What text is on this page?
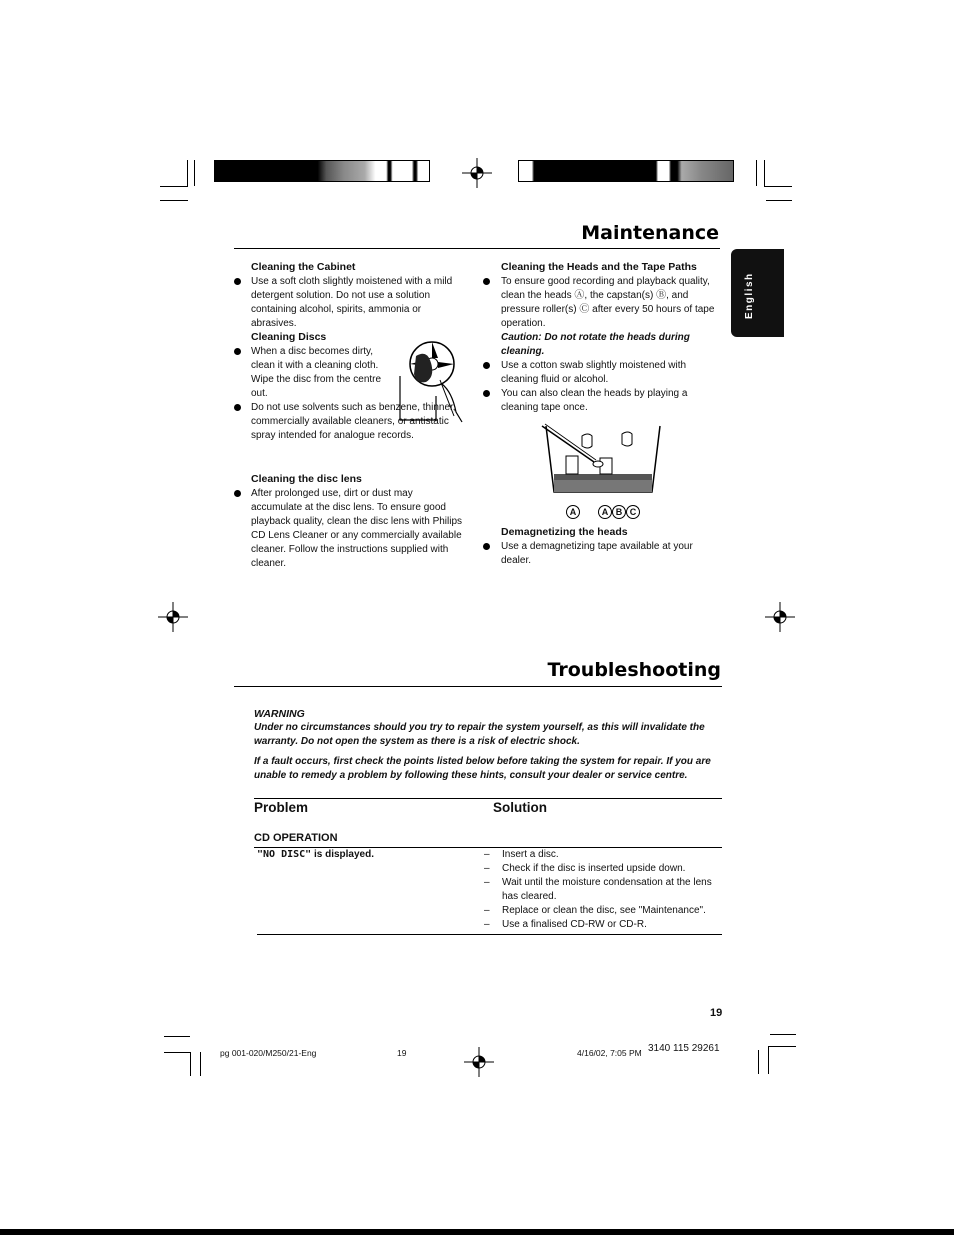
Maintenance
English
Cleaning the Cabinet
Use a soft cloth slightly moistened with a mild detergent solution. Do not use a solution containing alcohol, spirits, ammonia or abrasives.
Cleaning Discs
When a disc becomes dirty, clean it with a cleaning cloth. Wipe the disc from the centre out.
Do not use solvents such as benzene, thinner, commercially available cleaners, or antistatic spray intended for analogue records.
Cleaning the disc lens
After prolonged use, dirt or dust may accumulate at the disc lens. To ensure good playback quality, clean the disc lens with Philips CD Lens Cleaner or any commercially available cleaner. Follow the instructions supplied with cleaner.
Cleaning the Heads and the Tape Paths
To ensure good recording and playback quality, clean the heads Ⓐ, the capstan(s) Ⓑ, and pressure roller(s) Ⓒ after every 50 hours of tape operation.
Caution: Do not rotate the heads during cleaning.
Use a cotton swab slightly moistened with cleaning fluid or alcohol.
You can also clean the heads by playing a cleaning tape once.
A	A B C
Demagnetizing the heads
Use a demagnetizing tape available at your dealer.
Troubleshooting
WARNING
Under no circumstances should you try to repair the system yourself, as this will invalidate the warranty. Do not open the system as there is a risk of electric shock.
If a fault occurs, first check the points listed below before taking the system for repair. If you are unable to remedy a problem by following these hints, consult your dealer or service centre.
Problem	Solution
CD OPERATION
"NO DISC" is displayed.	– Insert a disc.
– Check if the disc is inserted upside down.
– Wait until the moisture condensation at the lens has cleared.
– Replace or clean the disc, see "Maintenance".
– Use a finalised CD-RW or CD-R.
19
pg 001-020/M250/21-Eng	19	4/16/02, 7:05 PM 3140 115 29261
